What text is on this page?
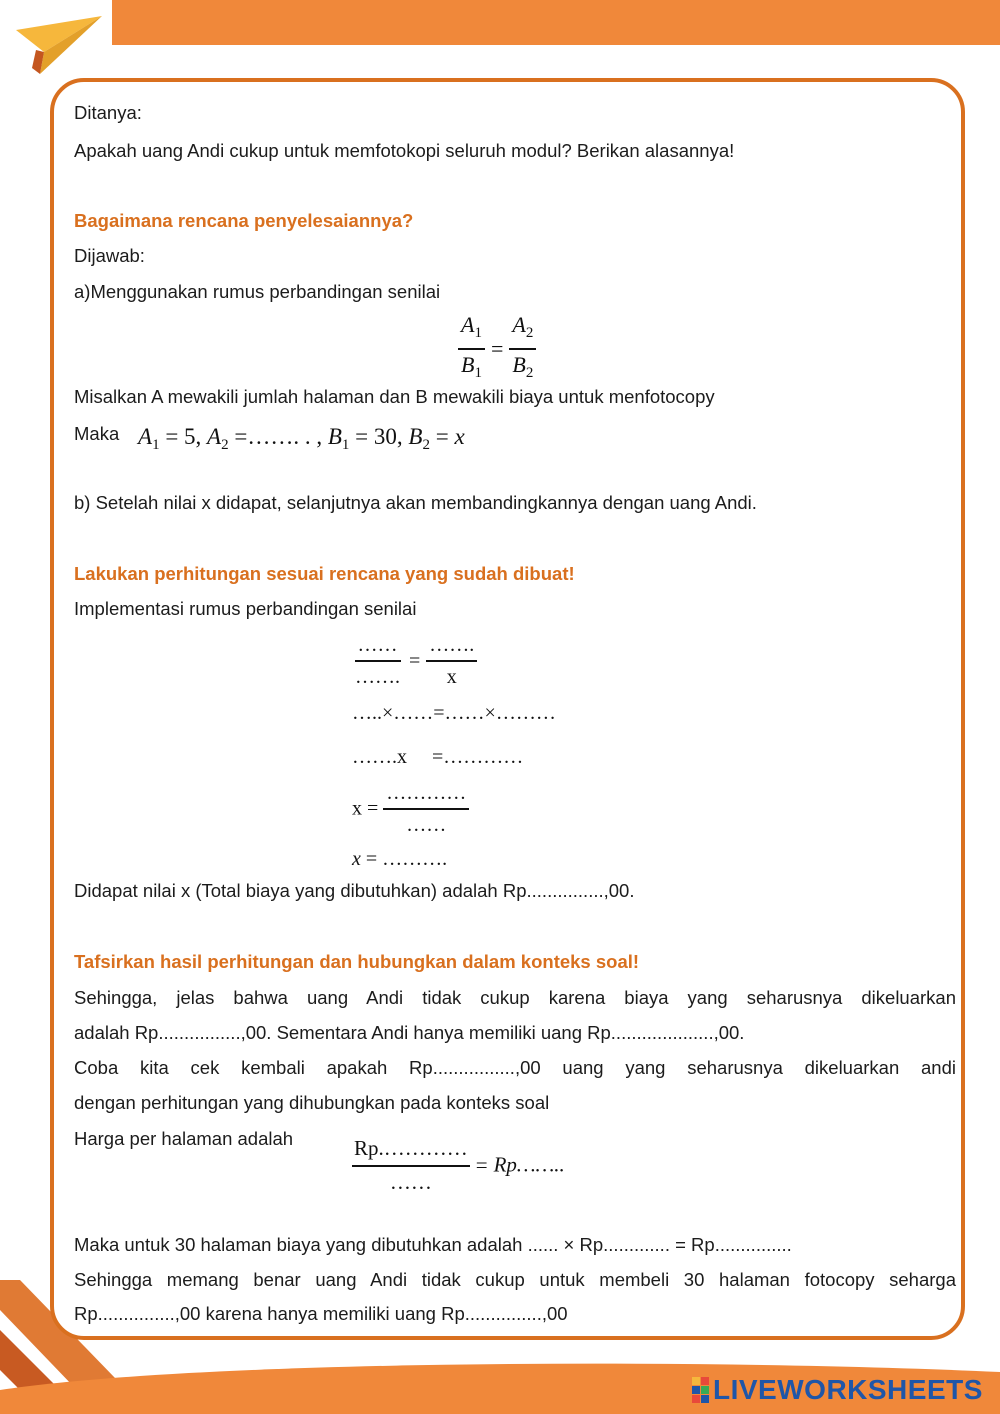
Ditanya:
Apakah uang Andi cukup untuk memfotokopi seluruh modul? Berikan alasannya!
Bagaimana rencana penyelesaiannya?
Dijawab:
a)Menggunakan rumus perbandingan senilai
$\frac{A_1}{B_1} = \frac{A_2}{B_2}$
Misalkan A mewakili jumlah halaman dan B mewakili biaya untuk menfotocopy
Maka $A_1 = 5$, $A_2$ =……. . , $B_1 = 30$, $B_2 = x$
b) Setelah nilai x didapat, selanjutnya akan membandingkannya dengan uang Andi.
Lakukan perhitungan sesuai rencana yang sudah dibuat!
Implementasi rumus perbandingan senilai
$\frac{\dots\dots}{\dots\dots.} = \frac{\dots\dots.}{x}$
…..×……=……×………
…….x     =…………
$x = \frac{\dots\dots\dots\dots}{\dots\dots}$
x = ……….
Didapat nilai x (Total biaya yang dibutuhkan) adalah Rp...............,00.
Tafsirkan hasil perhitungan dan hubungkan dalam konteks soal!
Sehingga, jelas bahwa uang Andi tidak cukup karena biaya yang seharusnya dikeluarkan
adalah Rp................,00. Sementara Andi hanya memiliki uang Rp....................,00.
Coba kita cek kembali apakah Rp................,00 uang yang seharusnya dikeluarkan andi
dengan perhitungan yang dihubungkan pada konteks soal
Harga per halaman adalah	$\frac{Rp.\dots\dots\dots\dots}{\dots\dots}$ = Rp……..
Maka untuk 30 halaman biaya yang dibutuhkan adalah ...... × Rp............. = Rp...............
Sehingga memang benar uang Andi tidak cukup untuk membeli 30 halaman fotocopy seharga
Rp...............,00 karena hanya memiliki uang Rp...............,00
LIVEWORKSHEETS
